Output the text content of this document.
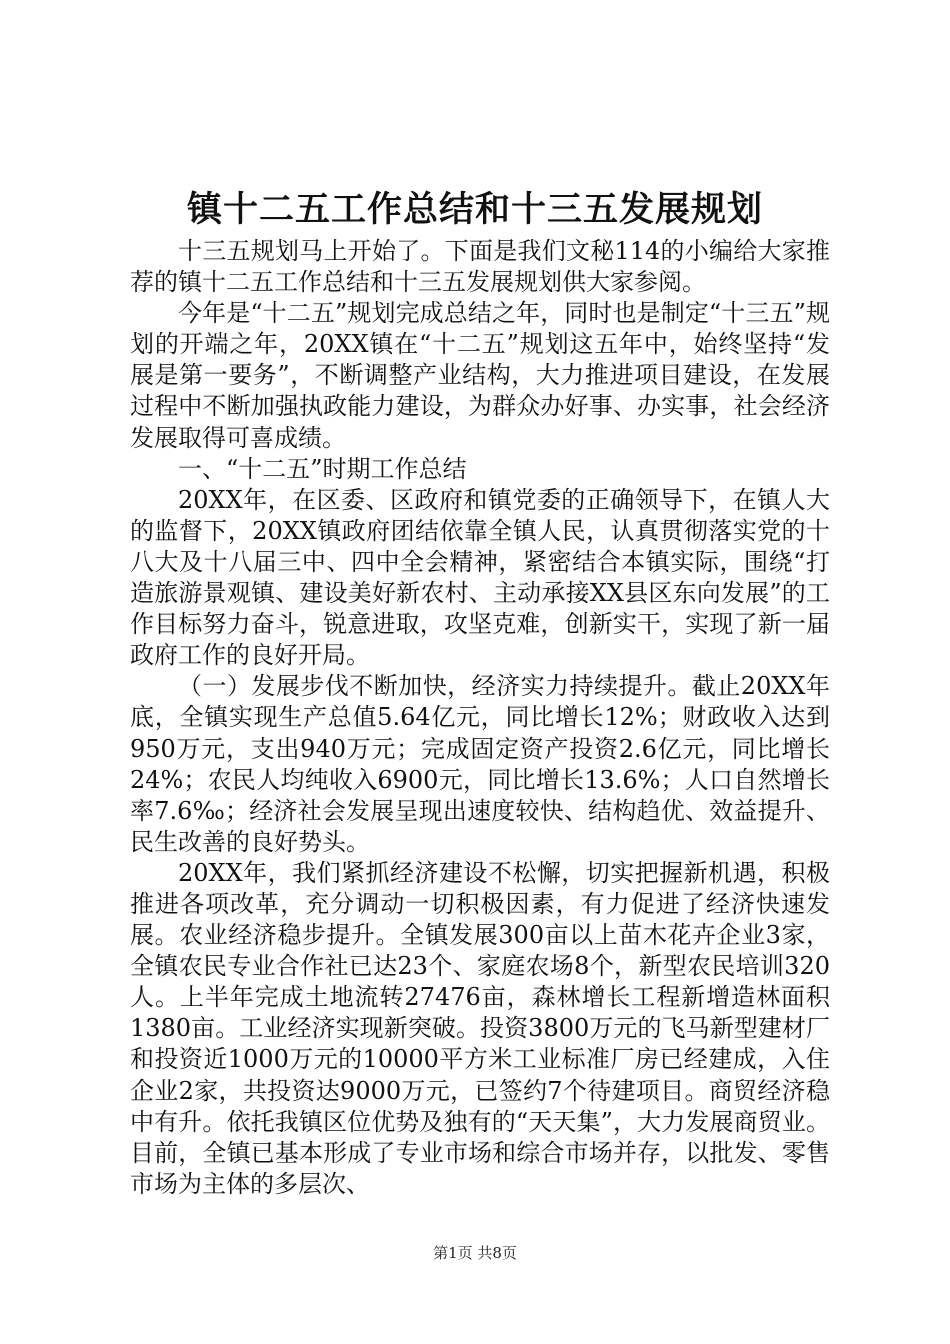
镇十二五工作总结和十三五发展规划

十三五规划马上开始了。下面是我们文秘114的小编给大家推荐的镇十二五工作总结和十三五发展规划供大家参阅。

今年是“十二五”规划完成总结之年，同时也是制定“十三五”规划的开端之年，20XX镇在“十二五”规划这五年中，始终坚持“发展是第一要务”，不断调整产业结构，大力推进项目建设，在发展过程中不断加强执政能力建设，为群众办好事、办实事，社会经济发展取得可喜成绩。

一、“十二五”时期工作总结

20XX年，在区委、区政府和镇党委的正确领导下，在镇人大的监督下，20XX镇政府团结依靠全镇人民，认真贯彻落实党的十八大及十八届三中、四中全会精神，紧密结合本镇实际，围绕“打造旅游景观镇、建设美好新农村、主动承接XX县区东向发展”的工作目标努力奋斗，锐意进取，攻坚克难，创新实干，实现了新一届政府工作的良好开局。

（一）发展步伐不断加快，经济实力持续提升。截止20XX年底，全镇实现生产总值5.64亿元，同比增长12%；财政收入达到950万元，支出940万元；完成固定资产投资2.6亿元，同比增长24%；农民人均纯收入6900元，同比增长13.6%；人口自然增长率7.6‰；经济社会发展呈现出速度较快、结构趋优、效益提升、民生改善的良好势头。

20XX年，我们紧抓经济建设不松懈，切实把握新机遇，积极推进各项改革，充分调动一切积极因素，有力促进了经济快速发展。农业经济稳步提升。全镇发展300亩以上苗木花卉企业3家，全镇农民专业合作社已达23个、家庭农场8个，新型农民培训320人。上半年完成土地流转27476亩，森林增长工程新增造林面积1380亩。工业经济实现新突破。投资3800万元的飞马新型建材厂和投资近1000万元的10000平方米工业标准厂房已经建成，入住企业2家，共投资达9000万元，已签约7个待建项目。商贸经济稳中有升。依托我镇区位优势及独有的“天天集”，大力发展商贸业。目前，全镇已基本形成了专业市场和综合市场并存，以批发、零售市场为主体的多层次、

第1页 共8页
